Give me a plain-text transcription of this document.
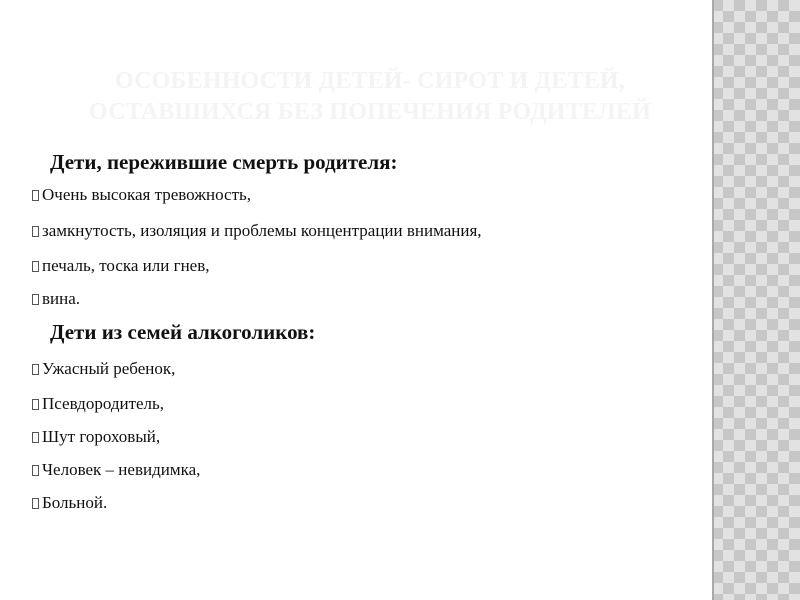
ОСОБЕННОСТИ ДЕТЕЙ- СИРОТ И ДЕТЕЙ,
ОСТАВШИХСЯ БЕЗ ПОПЕЧЕНИЯ РОДИТЕЛЕЙ
Дети, пережившие смерть родителя:
Очень высокая тревожность,
замкнутость, изоляция и проблемы концентрации внимания,
печаль, тоска или гнев,
вина.
Дети из семей алкоголиков:
Ужасный ребенок,
Псевдородитель,
Шут гороховый,
Человек – невидимка,
Больной.
